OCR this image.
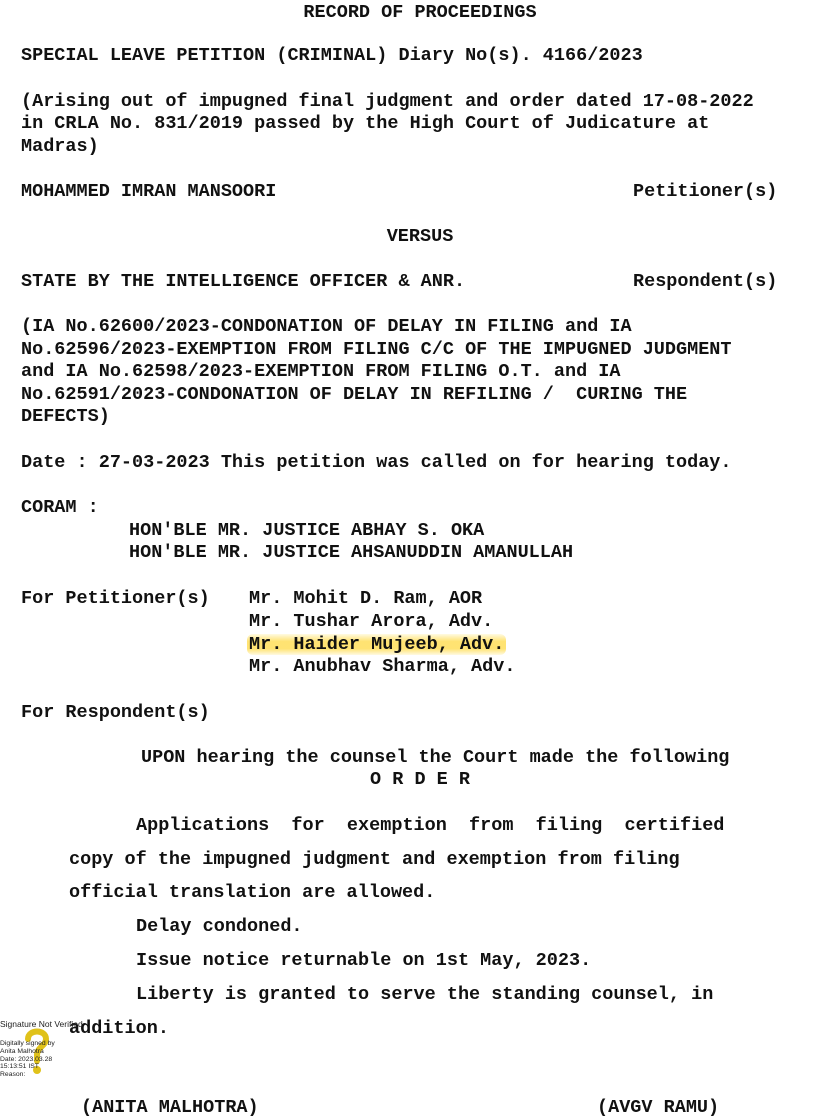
RECORD OF PROCEEDINGS
SPECIAL LEAVE PETITION (CRIMINAL) Diary No(s). 4166/2023
(Arising out of impugned final judgment and order dated 17-08-2022
in CRLA No. 831/2019 passed by the High Court of Judicature at
Madras)
MOHAMMED IMRAN MANSOORI	Petitioner(s)
VERSUS
STATE BY THE INTELLIGENCE OFFICER & ANR.	Respondent(s)
(IA No.62600/2023-CONDONATION OF DELAY IN FILING and IA
No.62596/2023-EXEMPTION FROM FILING C/C OF THE IMPUGNED JUDGMENT
and IA No.62598/2023-EXEMPTION FROM FILING O.T. and IA
No.62591/2023-CONDONATION OF DELAY IN REFILING /  CURING THE
DEFECTS)
Date : 27-03-2023 This petition was called on for hearing today.
CORAM :
HON'BLE MR. JUSTICE ABHAY S. OKA
HON'BLE MR. JUSTICE AHSANUDDIN AMANULLAH
For Petitioner(s) Mr. Mohit D. Ram, AOR
Mr. Tushar Arora, Adv.
Mr. Haider Mujeeb, Adv.
Mr. Anubhav Sharma, Adv.
For Respondent(s)
UPON hearing the counsel the Court made the following
O R D E R
Applications  for  exemption  from  filing  certified
copy of the impugned judgment and exemption from filing
official translation are allowed.
Delay condoned.
Issue notice returnable on 1st May, 2023.
Liberty is granted to serve the standing counsel, in
addition.
Signature Not Verified
Digitally signed by
Anita Malhotra
Date: 2023.03.28
15:13:51 IST
Reason:
(ANITA MALHOTRA)	(AVGV RAMU)
